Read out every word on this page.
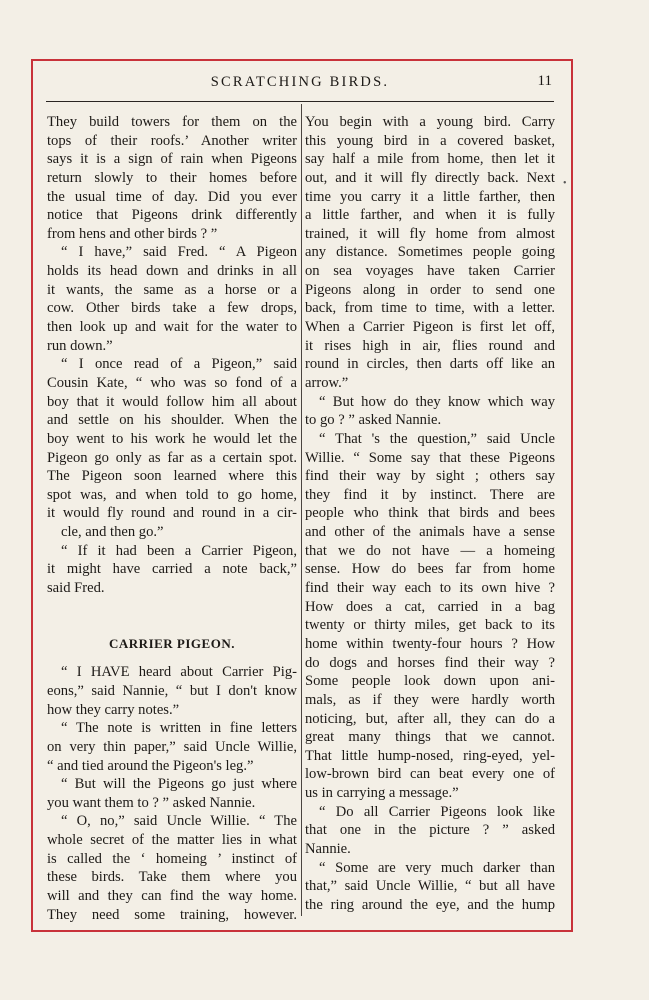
SCRATCHING BIRDS.	11
They build towers for them on the
tops of their roofs.’ Another writer
says it is a sign of rain when Pigeons
return slowly to their homes before
the usual time of day. Did you ever
notice that Pigeons drink differently
from hens and other birds ? ”
“ I have,” said Fred. “ A Pigeon
holds its head down and drinks in all
it wants, the same as a horse or a
cow. Other birds take a few drops,
then look up and wait for the water to
run down.”
“ I once read of a Pigeon,” said
Cousin Kate, “ who was so fond of a
boy that it would follow him all about
and settle on his shoulder. When the
boy went to his work he would let the
Pigeon go only as far as a certain spot.
The Pigeon soon learned where this
spot was, and when told to go home,
it would fly round and round in a cir-
cle, and then go.”
“ If it had been a Carrier Pigeon,
it might have carried a note back,”
said Fred.
CARRIER PIGEON.
“ I HAVE heard about Carrier Pig-
eons,” said Nannie, “ but I don't know
how they carry notes.”
“ The note is written in fine letters
on very thin paper,” said Uncle Willie,
“ and tied around the Pigeon's leg.”
“ But will the Pigeons go just where
you want them to ? ” asked Nannie.
“ O, no,” said Uncle Willie. “ The
whole secret of the matter lies in what
is called the ‘ homeing ’ instinct of
these birds. Take them where you
will and they can find the way home.
They need some training, however.
You begin with a young bird. Carry
this young bird in a covered basket,
say half a mile from home, then let it
out, and it will fly directly back. Next
time you carry it a little farther, then
a little farther, and when it is fully
trained, it will fly home from almost
any distance. Sometimes people going
on sea voyages have taken Carrier
Pigeons along in order to send one
back, from time to time, with a letter.
When a Carrier Pigeon is first let off,
it rises high in air, flies round and
round in circles, then darts off like an
arrow.”
“ But how do they know which way
to go ? ” asked Nannie.
“ That 's the question,” said Uncle
Willie. “ Some say that these Pigeons
find their way by sight ; others say
they find it by instinct. There are
people who think that birds and bees
and other of the animals have a sense
that we do not have — a homeing
sense. How do bees far from home
find their way each to its own hive ?
How does a cat, carried in a bag
twenty or thirty miles, get back to its
home within twenty-four hours ? How
do dogs and horses find their way ?
Some people look down upon ani-
mals, as if they were hardly worth
noticing, but, after all, they can do a
great many things that we cannot.
That little hump-nosed, ring-eyed, yel-
low-brown bird can beat every one of
us in carrying a message.”
“ Do all Carrier Pigeons look like
that one in the picture ? ” asked
Nannie.
“ Some are very much darker than
that,” said Uncle Willie, “ but all have
the ring around the eye, and the hump
•
